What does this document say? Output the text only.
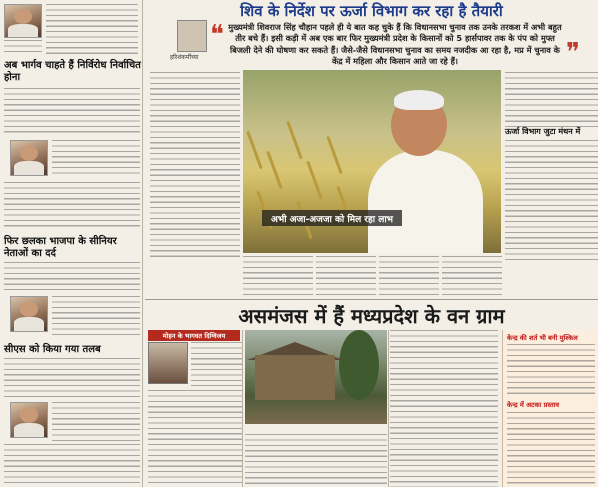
अब भार्गव चाहते हैं निर्विरोध निर्वाचित होना
फिर छलका भाजपा के सीनियर नेताओं का दर्द
सीएस को किया गया तलब
शिव के निर्देश पर ऊर्जा विभाग कर रहा है तैयारी
❝
❞
मुख्यमंत्री शिवराज सिंह चौहान पहले ही ये बात कह चुके हैं कि विधानसभा चुनाव तक उनके तरकश में अभी बहुत तीर बचे हैं। इसी कड़ी में अब एक बार फिर मुख्यमंत्री प्रदेश के किसानों को 5 हार्सपावर तक के पंप को मुफ्त बिजली देने की घोषणा कर सकते हैं। जैसे-जैसे विधानसभा चुनाव का समय नजदीक आ रहा है, मप्र में चुनाव के केंद्र में महिला और किसान आते जा रहे हैं।
हरिशंकर्मीच्या
अभी अजा-अजजा को मिल रहा लाभ
ऊर्जा विभाग जुटा मंथन में
असमंजस में हैं मध्यप्रदेश के वन ग्राम
मोहन के भागवत दिग्विजय	केन्द्र की शर्त भी बनी मुश्किल
केन्द्र में अटका प्रस्ताव
